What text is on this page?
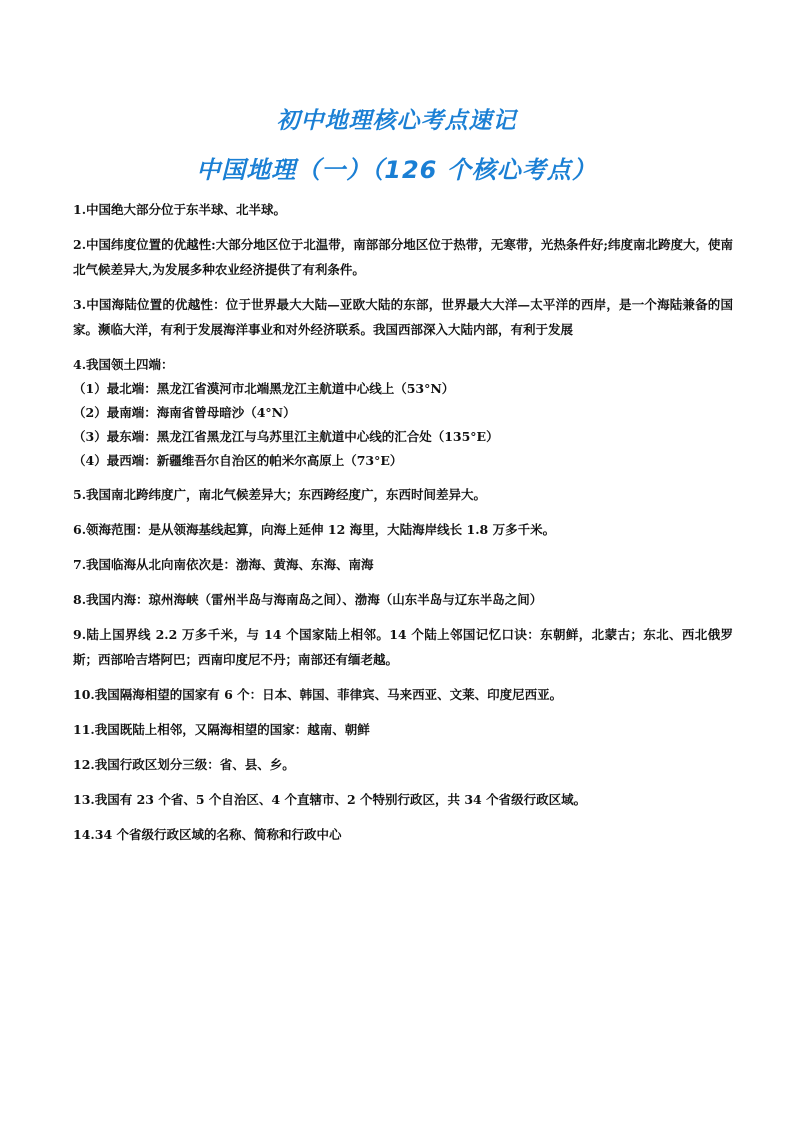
初中地理核心考点速记
中国地理（一）（126 个核心考点）

1.中国绝大部分位于东半球、北半球。

2.中国纬度位置的优越性:大部分地区位于北温带，南部部分地区位于热带，无寒带，光热条件好;纬度南北跨度大，使南北气候差异大,为发展多种农业经济提供了有利条件。

3.中国海陆位置的优越性：位于世界最大大陆—亚欧大陆的东部，世界最大大洋—太平洋的西岸，是一个海陆兼备的国家。濒临大洋，有利于发展海洋事业和对外经济联系。我国西部深入大陆内部，有利于发展

4.我国领土四端：

（1）最北端：黑龙江省漠河市北端黑龙江主航道中心线上（53°N）

（2）最南端：海南省曾母暗沙（4°N）

（3）最东端：黑龙江省黑龙江与乌苏里江主航道中心线的汇合处（135°E）

（4）最西端：新疆维吾尔自治区的帕米尔高原上（73°E）

5.我国南北跨纬度广，南北气候差异大；东西跨经度广，东西时间差异大。

6.领海范围：是从领海基线起算，向海上延伸 12 海里，大陆海岸线长 1.8 万多千米。

7.我国临海从北向南依次是：渤海、黄海、东海、南海

8.我国内海：琼州海峡（雷州半岛与海南岛之间）、渤海（山东半岛与辽东半岛之间）

9.陆上国界线 2.2 万多千米，与 14 个国家陆上相邻。14 个陆上邻国记忆口诀：东朝鲜，北蒙古；东北、西北俄罗斯；西部哈吉塔阿巴；西南印度尼不丹；南部还有缅老越。

10.我国隔海相望的国家有 6 个：日本、韩国、菲律宾、马来西亚、文莱、印度尼西亚。

11.我国既陆上相邻，又隔海相望的国家：越南、朝鲜

12.我国行政区划分三级：省、县、乡。

13.我国有 23 个省、5 个自治区、4 个直辖市、2 个特别行政区，共 34 个省级行政区域。

14.34 个省级行政区域的名称、简称和行政中心
